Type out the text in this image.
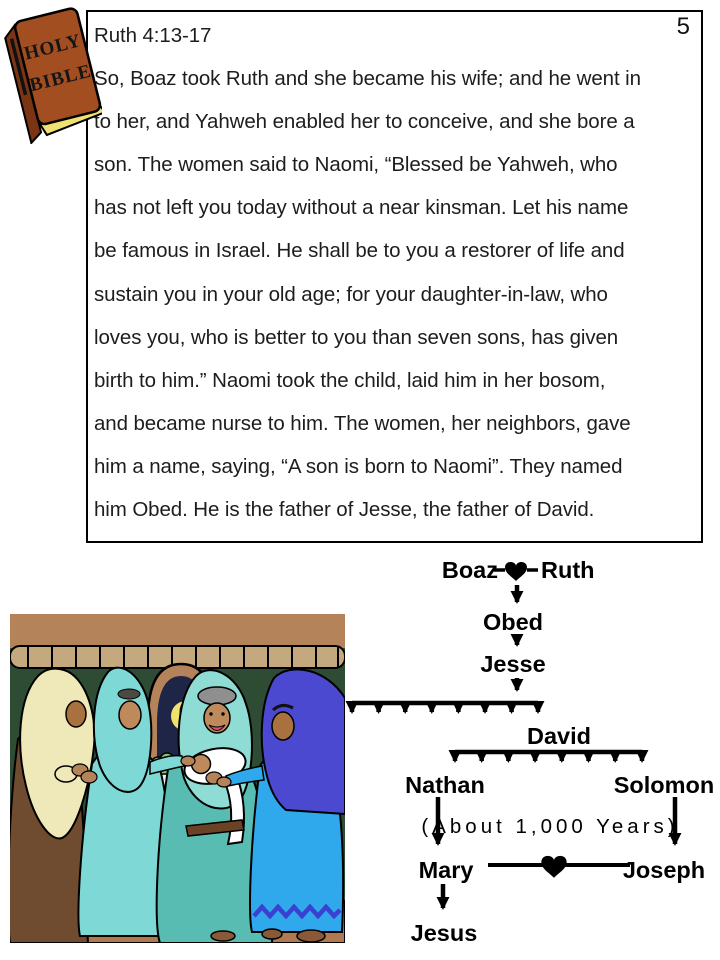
5
Ruth 4:13-17
So, Boaz took Ruth and she became his wife; and he went in
to her, and Yahweh enabled her to conceive, and she bore a
son. The women said to Naomi, “Blessed be Yahweh, who
has not left you today without a near kinsman. Let his name
be famous in Israel. He shall be to you a restorer of life and
sustain you in your old age; for your daughter-in-law, who
loves you, who is better to you than seven sons, has given
birth to him.” Naomi took the child, laid him in her bosom,
and became nurse to him. The women, her neighbors, gave
him a name, saying, “A son is born to Naomi”. They named
him Obed. He is the father of Jesse, the father of David.
HOLY
BIBLE
Boaz Ruth
Obed
Jesse
David
Nathan	Solomon
(About 1,000 Years)
Mary	Joseph
Jesus
